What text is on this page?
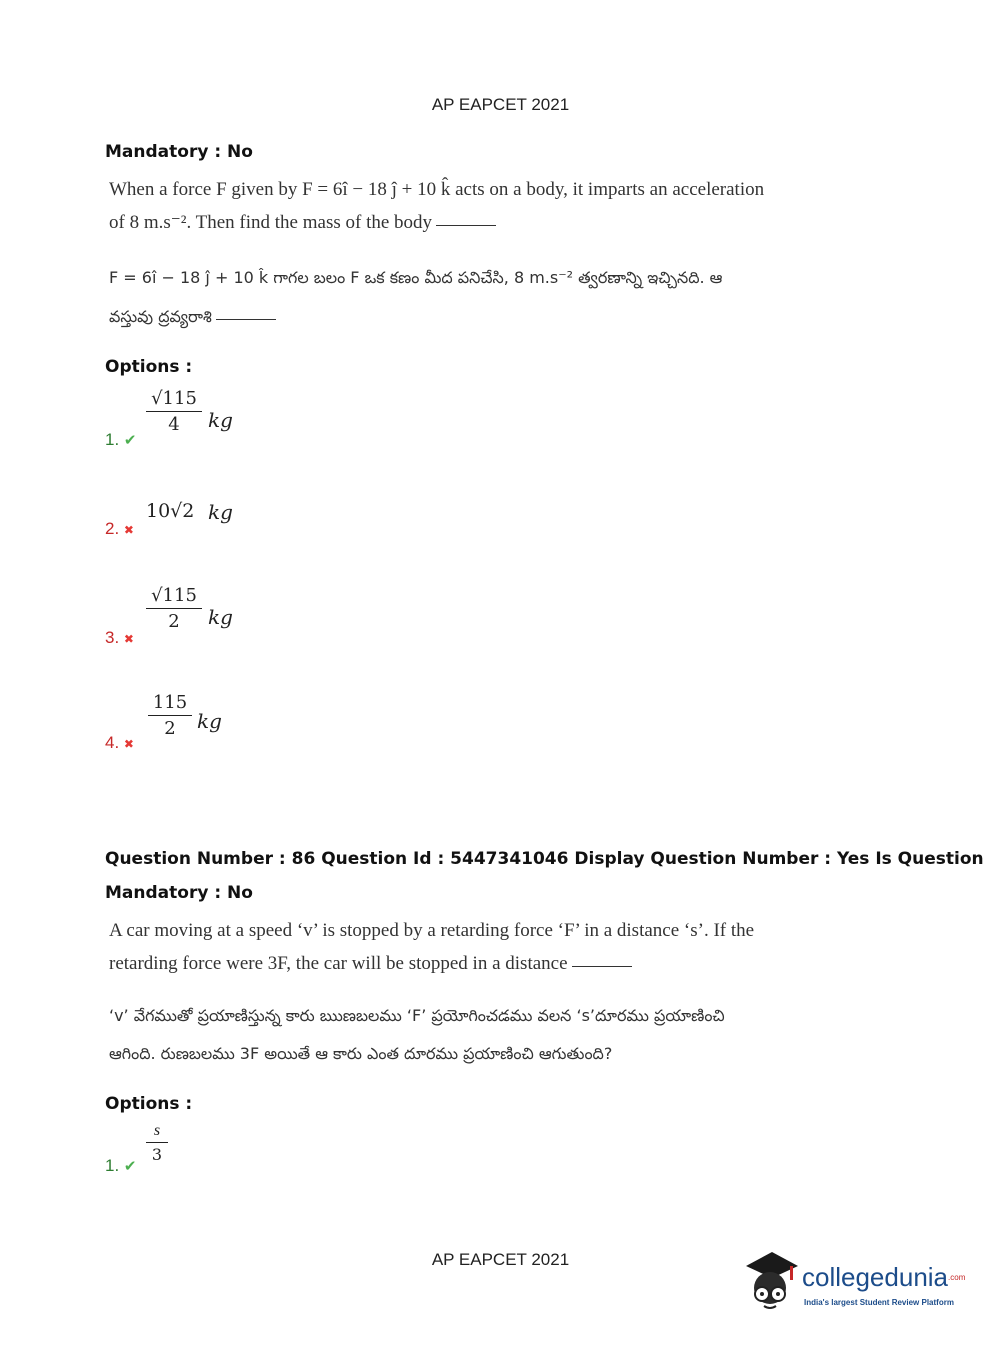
AP EAPCET 2021
Mandatory : No
When a force F given by F = 6î − 18 ĵ + 10 k̂ acts on a body, it imparts an acceleration
of 8 m.s⁻². Then find the mass of the body
F = 6î − 18 ĵ + 10 k̂ గాగల బలం F ఒక కణం మీద పనిచేసి, 8 m.s⁻² త్వరణాన్ని ఇచ్చినది. ఆ
వస్తువు ద్రవ్యరాశి
Options :
1. ✔
√115
4	kg
2. ✖
10√2 kg
3. ✖
√115
2	kg
4. ✖
115
2	kg
Question Number : 86 Question Id : 5447341046 Display Question Number : Yes Is Question
Mandatory : No
A car moving at a speed ‘v’ is stopped by a retarding force ‘F’ in a distance ‘s’. If the
retarding force were 3F, the car will be stopped in a distance
‘v’ వేగముతో ప్రయాణిస్తున్న కారు ఋణబలము ‘F’ ప్రయోగించడము వలన ‘s’దూరము ప్రయాణించి
ఆగింది. రుణబలము 3F అయితే ఆ కారు ఎంత దూరము ప్రయాణించి ఆగుతుంది?
Options :
1. ✔
s
3
AP EAPCET 2021
collegedunia$^{.com}$
India's largest Student Review Platform
